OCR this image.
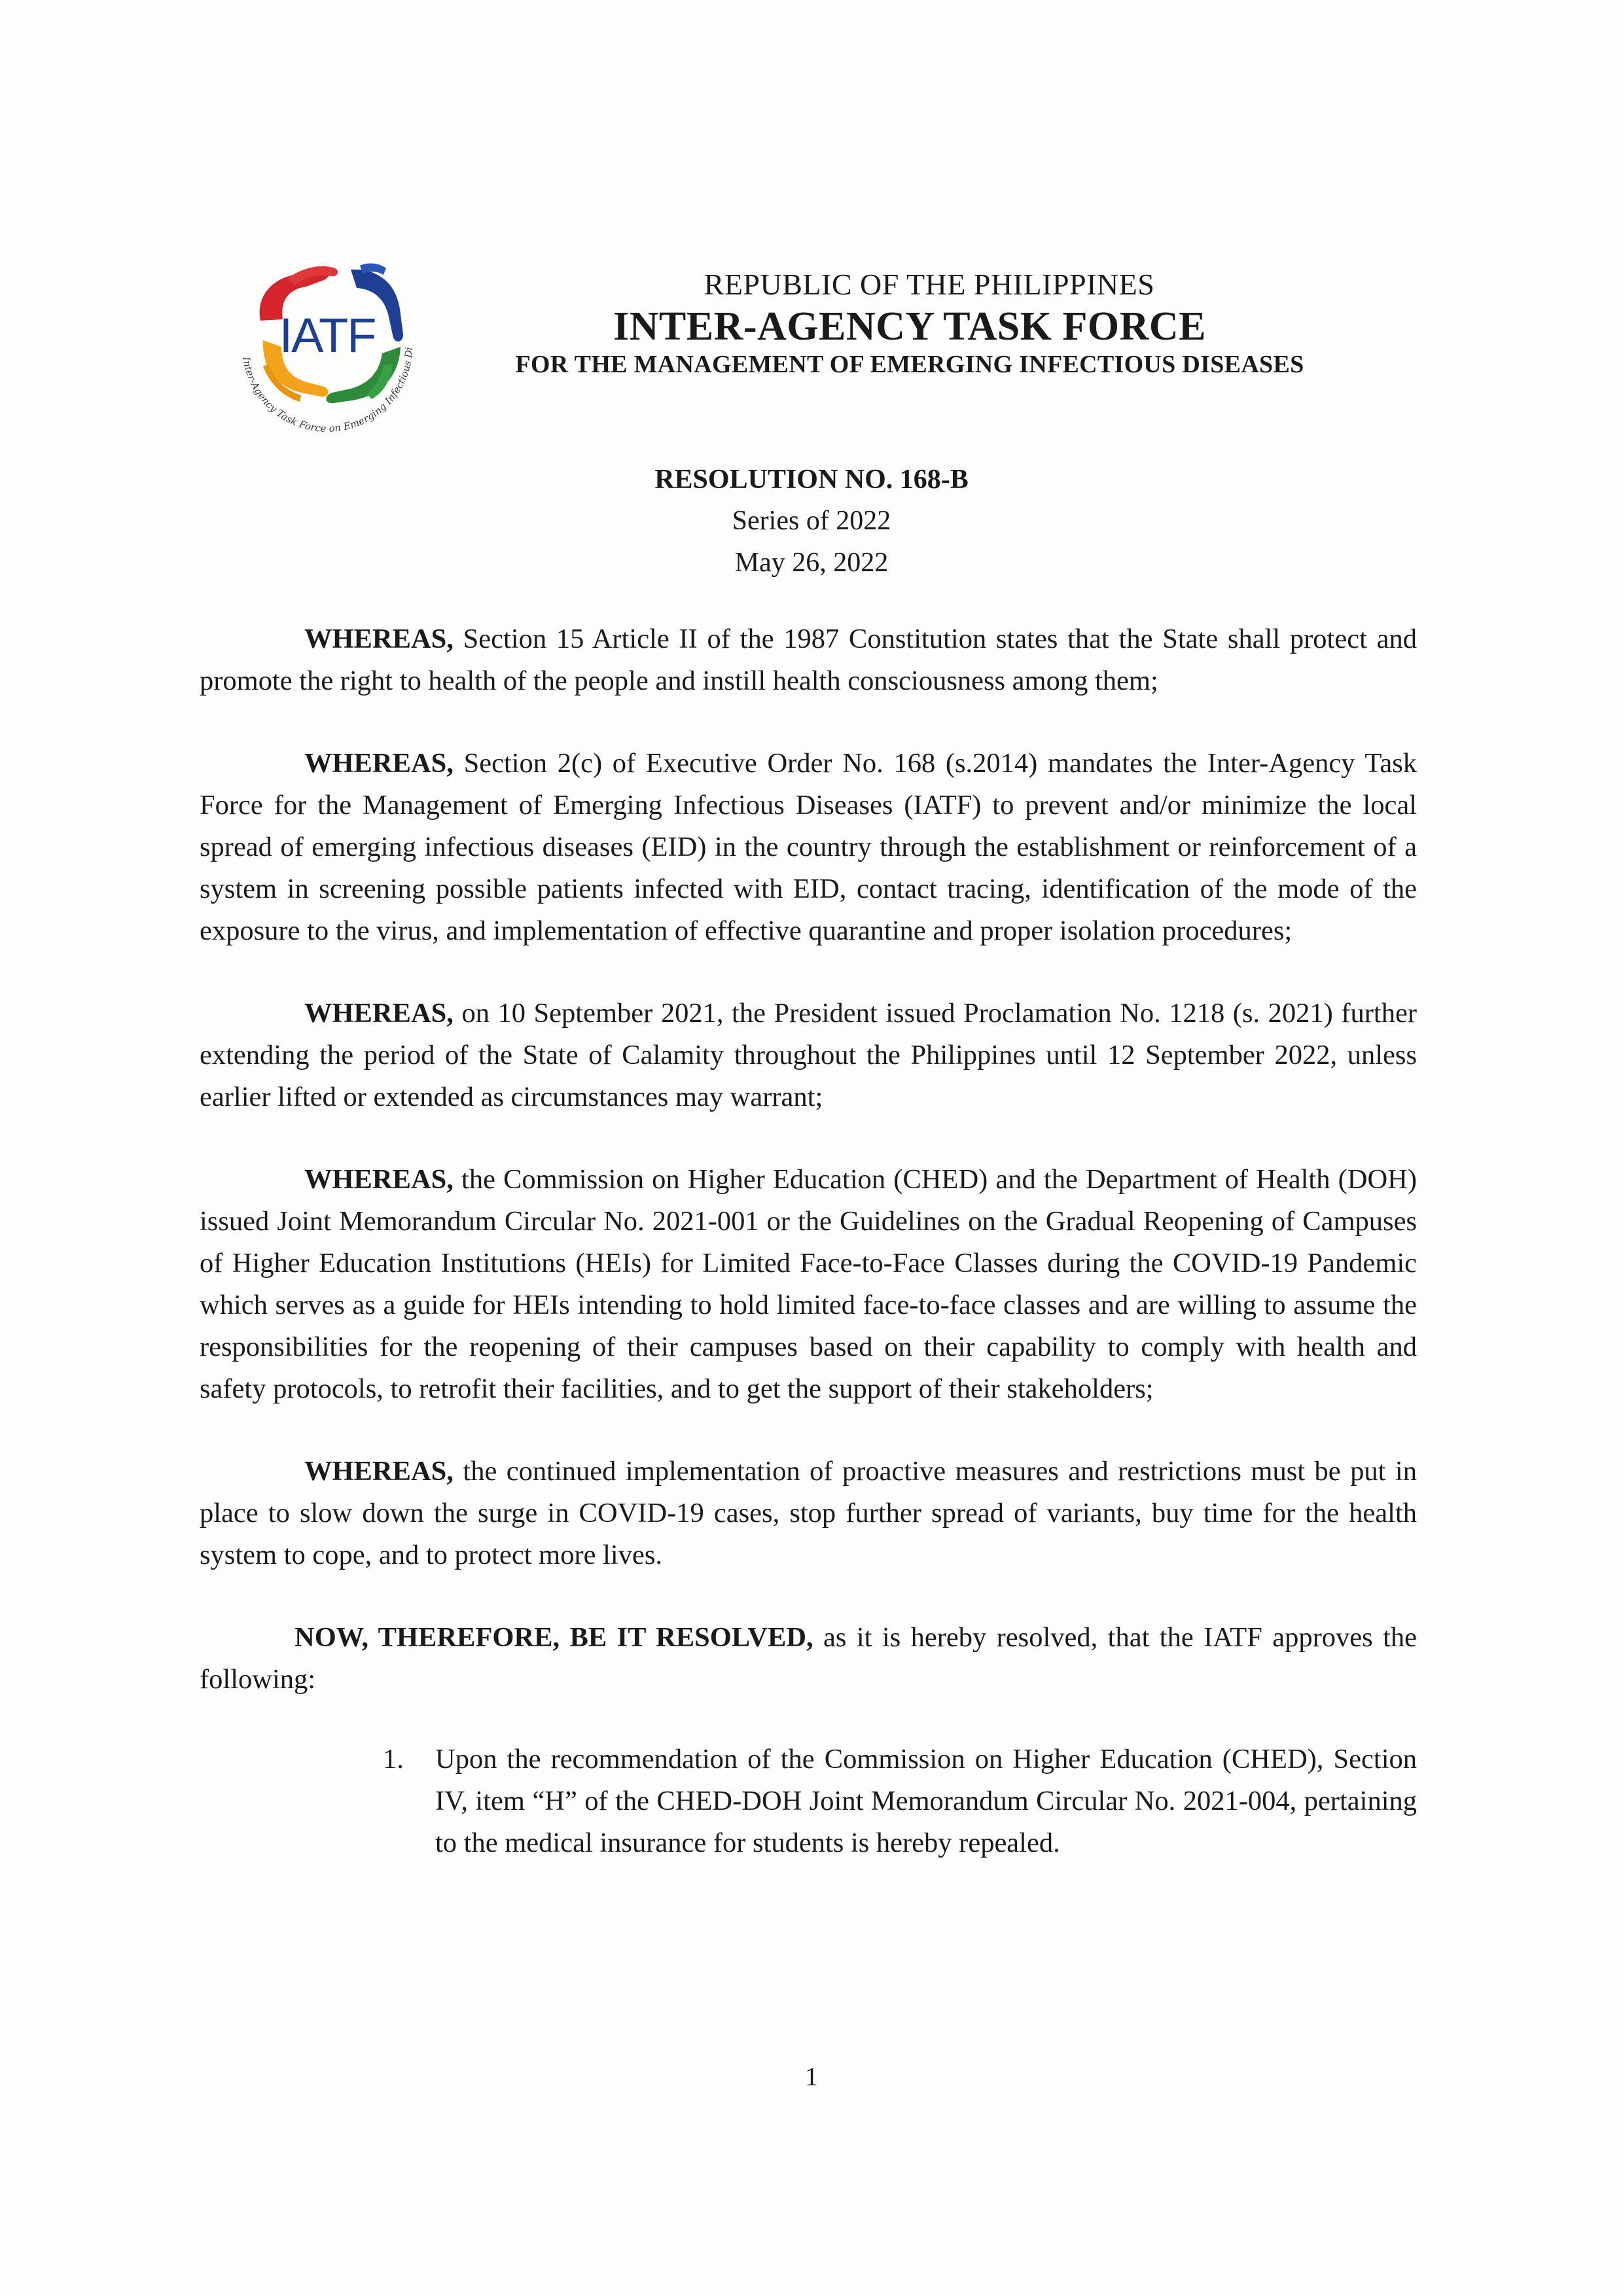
IATF
Inter-Agency Task Force on Emerging Infectious Di
REPUBLIC OF THE PHILIPPINES
INTER-AGENCY TASK FORCE
FOR THE MANAGEMENT OF EMERGING INFECTIOUS DISEASES
RESOLUTION NO. 168-B
Series of 2022
May 26, 2022

WHEREAS, Section 15 Article II of the 1987 Constitution states that the State shall protect and promote the right to health of the people and instill health consciousness among them;

WHEREAS, Section 2(c) of Executive Order No. 168 (s.2014) mandates the Inter-Agency Task Force for the Management of Emerging Infectious Diseases (IATF) to prevent and/or minimize the local spread of emerging infectious diseases (EID) in the country through the establishment or reinforcement of a system in screening possible patients infected with EID, contact tracing, identification of the mode of the exposure to the virus, and implementation of effective quarantine and proper isolation procedures;

WHEREAS, on 10 September 2021, the President issued Proclamation No. 1218 (s. 2021) further extending the period of the State of Calamity throughout the Philippines until 12 September 2022, unless earlier lifted or extended as circumstances may warrant;

WHEREAS, the Commission on Higher Education (CHED) and the Department of Health (DOH) issued Joint Memorandum Circular No. 2021-001 or the Guidelines on the Gradual Reopening of Campuses of Higher Education Institutions (HEIs) for Limited Face-to-Face Classes during the COVID-19 Pandemic which serves as a guide for HEIs intending to hold limited face-to-face classes and are willing to assume the responsibilities for the reopening of their campuses based on their capability to comply with health and safety protocols, to retrofit their facilities, and to get the support of their stakeholders;

WHEREAS, the continued implementation of proactive measures and restrictions must be put in place to slow down the surge in COVID-19 cases, stop further spread of variants, buy time for the health system to cope, and to protect more lives.

NOW, THEREFORE, BE IT RESOLVED, as it is hereby resolved, that the IATF approves the following:

1. Upon the recommendation of the Commission on Higher Education (CHED), Section IV, item “H” of the CHED-DOH Joint Memorandum Circular No. 2021-004, pertaining to the medical insurance for students is hereby repealed.
1
